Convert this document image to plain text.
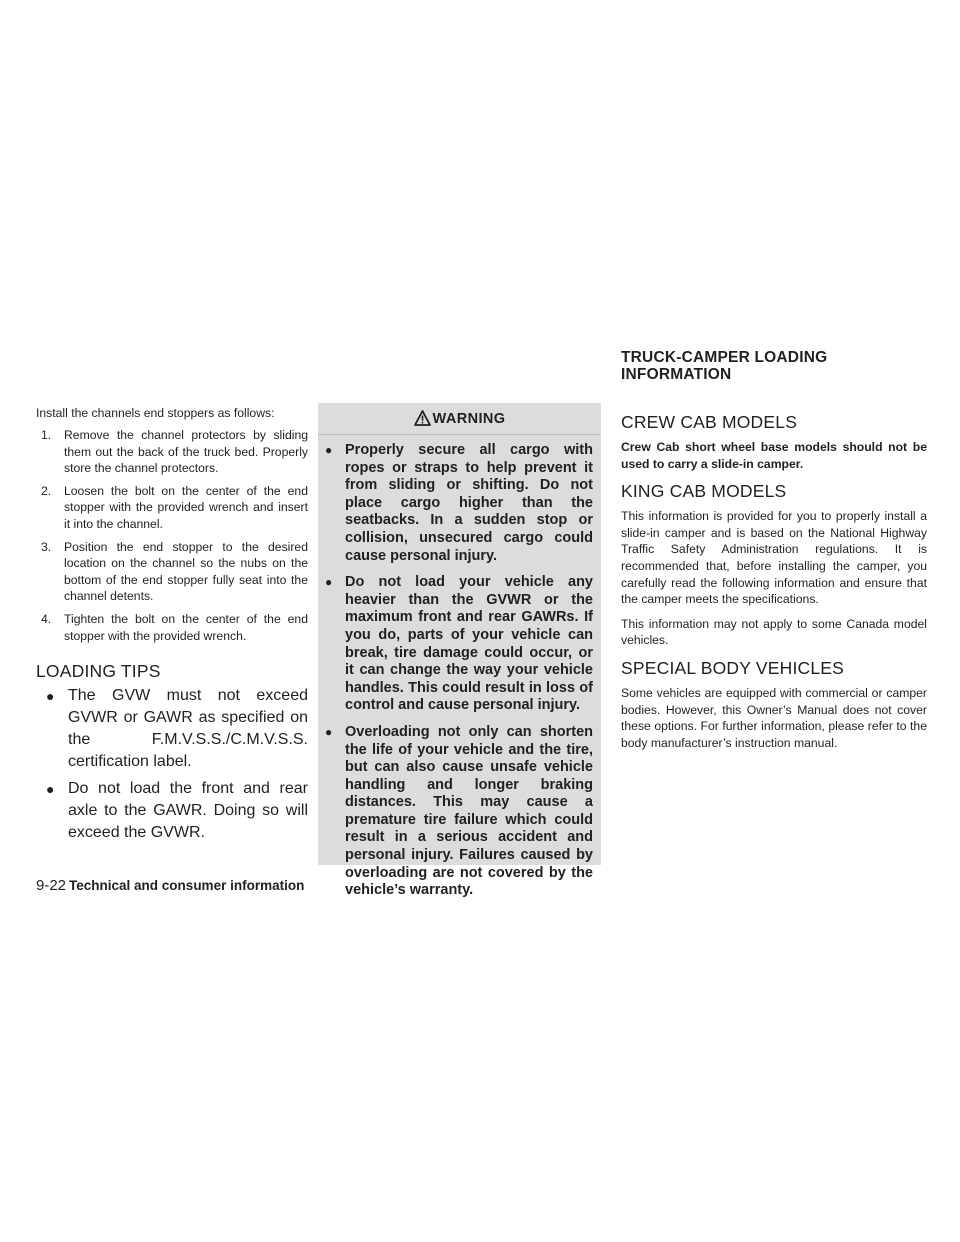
Install the channels end stoppers as follows:

1. Remove the channel protectors by sliding them out the back of the truck bed. Properly store the channel protectors.
2. Loosen the bolt on the center of the end stopper with the provided wrench and insert it into the channel.
3. Position the end stopper to the desired location on the channel so the nubs on the bottom of the end stopper fully seat into the channel detents.
4. Tighten the bolt on the center of the end stopper with the provided wrench.
LOADING TIPS
● The GVW must not exceed GVWR or GAWR as specified on the F.M.V.S.S./C.M.V.S.S. certification label.
● Do not load the front and rear axle to the GAWR. Doing so will exceed the GVWR.
WARNING
● Properly secure all cargo with ropes or straps to help prevent it from sliding or shifting. Do not place cargo higher than the seatbacks. In a sudden stop or collision, unsecured cargo could cause personal injury.
● Do not load your vehicle any heavier than the GVWR or the maximum front and rear GAWRs. If you do, parts of your vehicle can break, tire damage could occur, or it can change the way your vehicle handles. This could result in loss of control and cause personal injury.
● Overloading not only can shorten the life of your vehicle and the tire, but can also cause unsafe vehicle handling and longer braking distances. This may cause a premature tire failure which could result in a serious accident and personal injury. Failures caused by overloading are not covered by the vehicle’s warranty.
TRUCK-CAMPER LOADING
INFORMATION
CREW CAB MODELS

Crew Cab short wheel base models should not be used to carry a slide-in camper.

KING CAB MODELS

This information is provided for you to properly install a slide-in camper and is based on the National Highway Traffic Safety Administration regulations. It is recommended that, before installing the camper, you carefully read the following information and ensure that the camper meets the specifications.

This information may not apply to some Canada model vehicles.

SPECIAL BODY VEHICLES

Some vehicles are equipped with commercial or camper bodies. However, this Owner’s Manual does not cover these options. For further information, please refer to the body manufacturer’s instruction manual.

9-22 Technical and consumer information
